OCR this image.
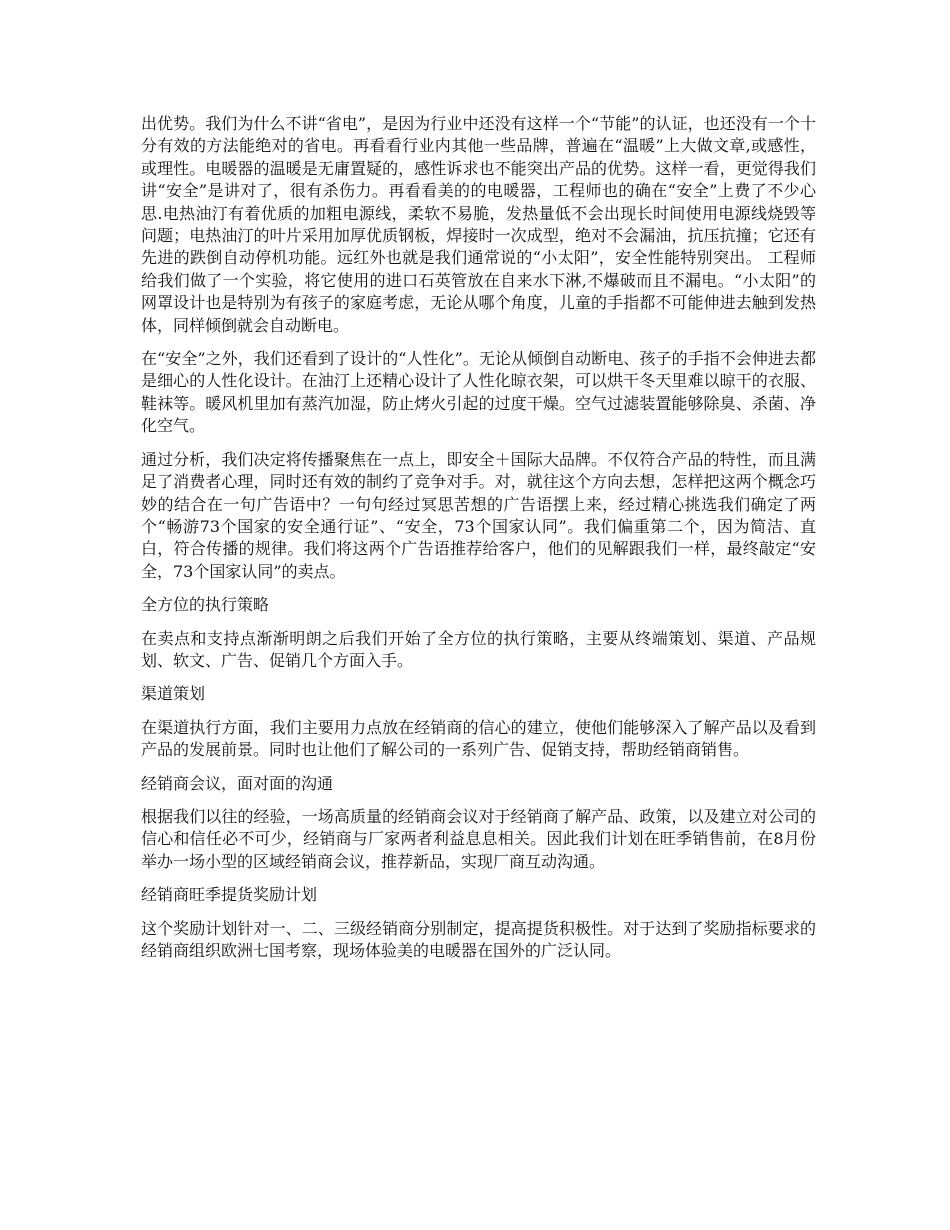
出优势。我们为什么不讲“省电”，是因为行业中还没有这样一个“节能”的认证，也还没有一个十分有效的方法能绝对的省电。再看看行业内其他一些品牌，普遍在“温暖”上大做文章,或感性，或理性。电暖器的温暖是无庸置疑的，感性诉求也不能突出产品的优势。这样一看，更觉得我们讲“安全”是讲对了，很有杀伤力。再看看美的的电暖器，工程师也的确在“安全”上费了不少心思.电热油汀有着优质的加粗电源线，柔软不易脆，发热量低不会出现长时间使用电源线烧毁等问题；电热油汀的叶片采用加厚优质钢板，焊接时一次成型，绝对不会漏油，抗压抗撞；它还有先进的跌倒自动停机功能。远红外也就是我们通常说的“小太阳”，安全性能特别突出。 工程师给我们做了一个实验，将它使用的进口石英管放在自来水下淋,不爆破而且不漏电。“小太阳”的网罩设计也是特别为有孩子的家庭考虑，无论从哪个角度，儿童的手指都不可能伸进去触到发热体，同样倾倒就会自动断电。

在“安全”之外，我们还看到了设计的“人性化”。无论从倾倒自动断电、孩子的手指不会伸进去都是细心的人性化设计。在油汀上还精心设计了人性化晾衣架，可以烘干冬天里难以晾干的衣服、鞋袜等。暖风机里加有蒸汽加湿，防止烤火引起的过度干燥。空气过滤装置能够除臭、杀菌、净化空气。

通过分析，我们决定将传播聚焦在一点上，即安全＋国际大品牌。不仅符合产品的特性，而且满足了消费者心理，同时还有效的制约了竞争对手。对，就往这个方向去想，怎样把这两个概念巧妙的结合在一句广告语中？一句句经过冥思苦想的广告语摆上来，经过精心挑选我们确定了两个“畅游73个国家的安全通行证”、“安全，73个国家认同”。我们偏重第二个，因为简洁、直白，符合传播的规律。我们将这两个广告语推荐给客户，他们的见解跟我们一样，最终敲定“安全，73个国家认同”的卖点。

全方位的执行策略

在卖点和支持点渐渐明朗之后我们开始了全方位的执行策略，主要从终端策划、渠道、产品规划、软文、广告、促销几个方面入手。

渠道策划

在渠道执行方面，我们主要用力点放在经销商的信心的建立，使他们能够深入了解产品以及看到产品的发展前景。同时也让他们了解公司的一系列广告、促销支持，帮助经销商销售。

经销商会议，面对面的沟通

根据我们以往的经验，一场高质量的经销商会议对于经销商了解产品、政策，以及建立对公司的信心和信任必不可少，经销商与厂家两者利益息息相关。因此我们计划在旺季销售前，在8月份举办一场小型的区域经销商会议，推荐新品，实现厂商互动沟通。

经销商旺季提货奖励计划

这个奖励计划针对一、二、三级经销商分别制定，提高提货积极性。对于达到了奖励指标要求的经销商组织欧洲七国考察，现场体验美的电暖器在国外的广泛认同。
